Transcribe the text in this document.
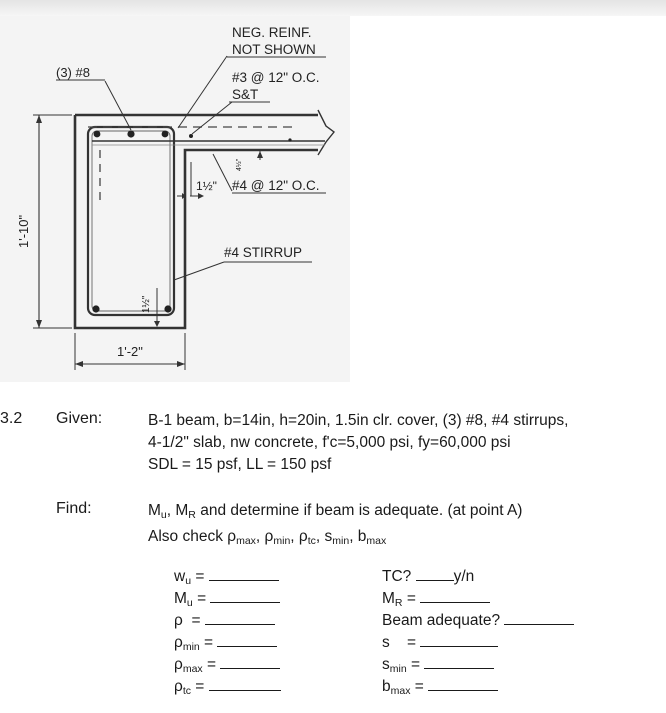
(3) #8
NEG. REINF.
NOT SHOWN
#3 @ 12" O.C.
S&T
4½"
1½" #4 @ 12" O.C.
#4 STIRRUP
1½"
1'-10"
1'-2"
3.2 Given:	B-1 beam, b=14in, h=20in, 1.5in clr. cover, (3) #8, #4 stirrups,
4-1/2" slab, nw concrete, f'c=5,000 psi, fy=60,000 psi
SDL = 15 psf, LL = 150 psf
Find:	$M_u$, $M_R$ and determine if beam is adequate. (at point A)
Also check $\rho_{max}$, $\rho_{min}$, $\rho_{tc}$, $s_{min}$, $b_{max}$
$w_u$ =
$M_u$ =
ρ  =
$\rho_{min}$ =
$\rho_{max}$ =
$\rho_{tc}$ =
TC? y/n
$M_R$ =
Beam adequate?
s    =
$s_{min}$ =
$b_{max}$ =
